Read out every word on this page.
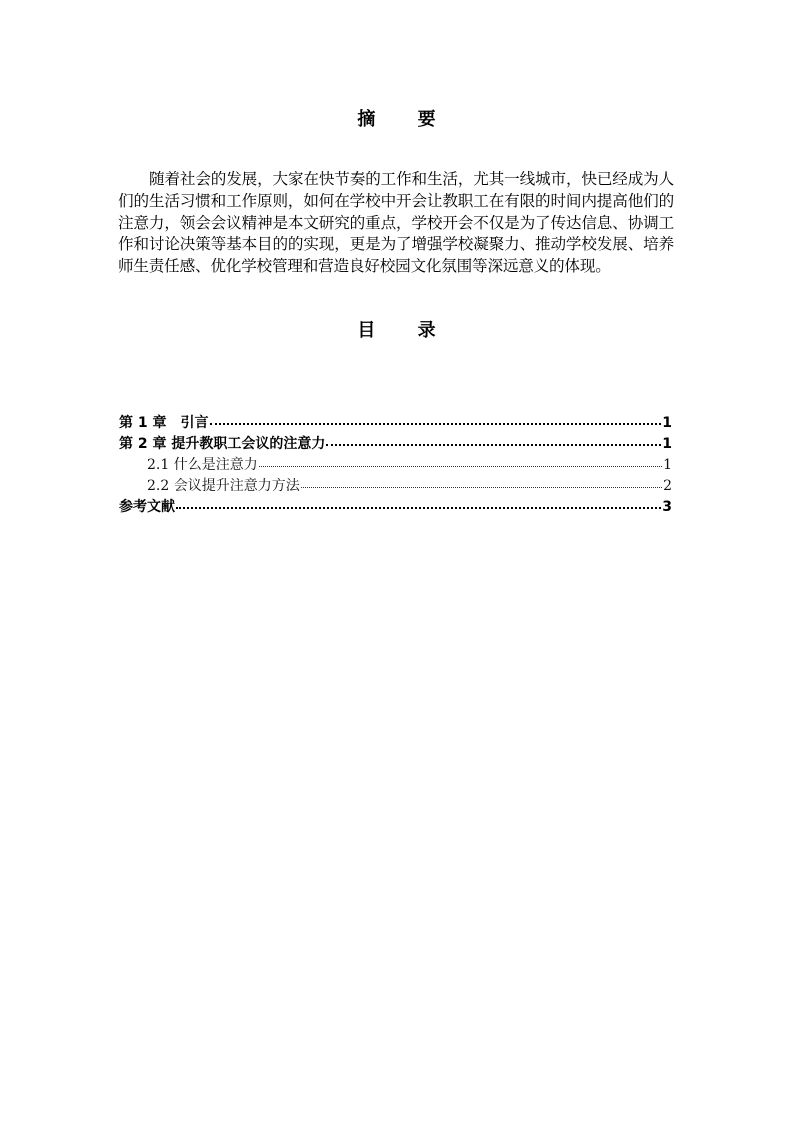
摘 要
随着社会的发展，大家在快节奏的工作和生活，尤其一线城市，快已经成为人们的生活习惯和工作原则，如何在学校中开会让教职工在有限的时间内提高他们的注意力，领会会议精神是本文研究的重点，学校开会不仅是为了传达信息、协调工作和讨论决策等基本目的的实现，更是为了增强学校凝聚力、推动学校发展、培养师生责任感、优化学校管理和营造良好校园文化氛围等深远意义的体现。
目 录
第 1 章　引言	1
第 2 章 提升教职工会议的注意力	1
2.1 什么是注意力	1
2.2 会议提升注意力方法	2
参考文献	3
